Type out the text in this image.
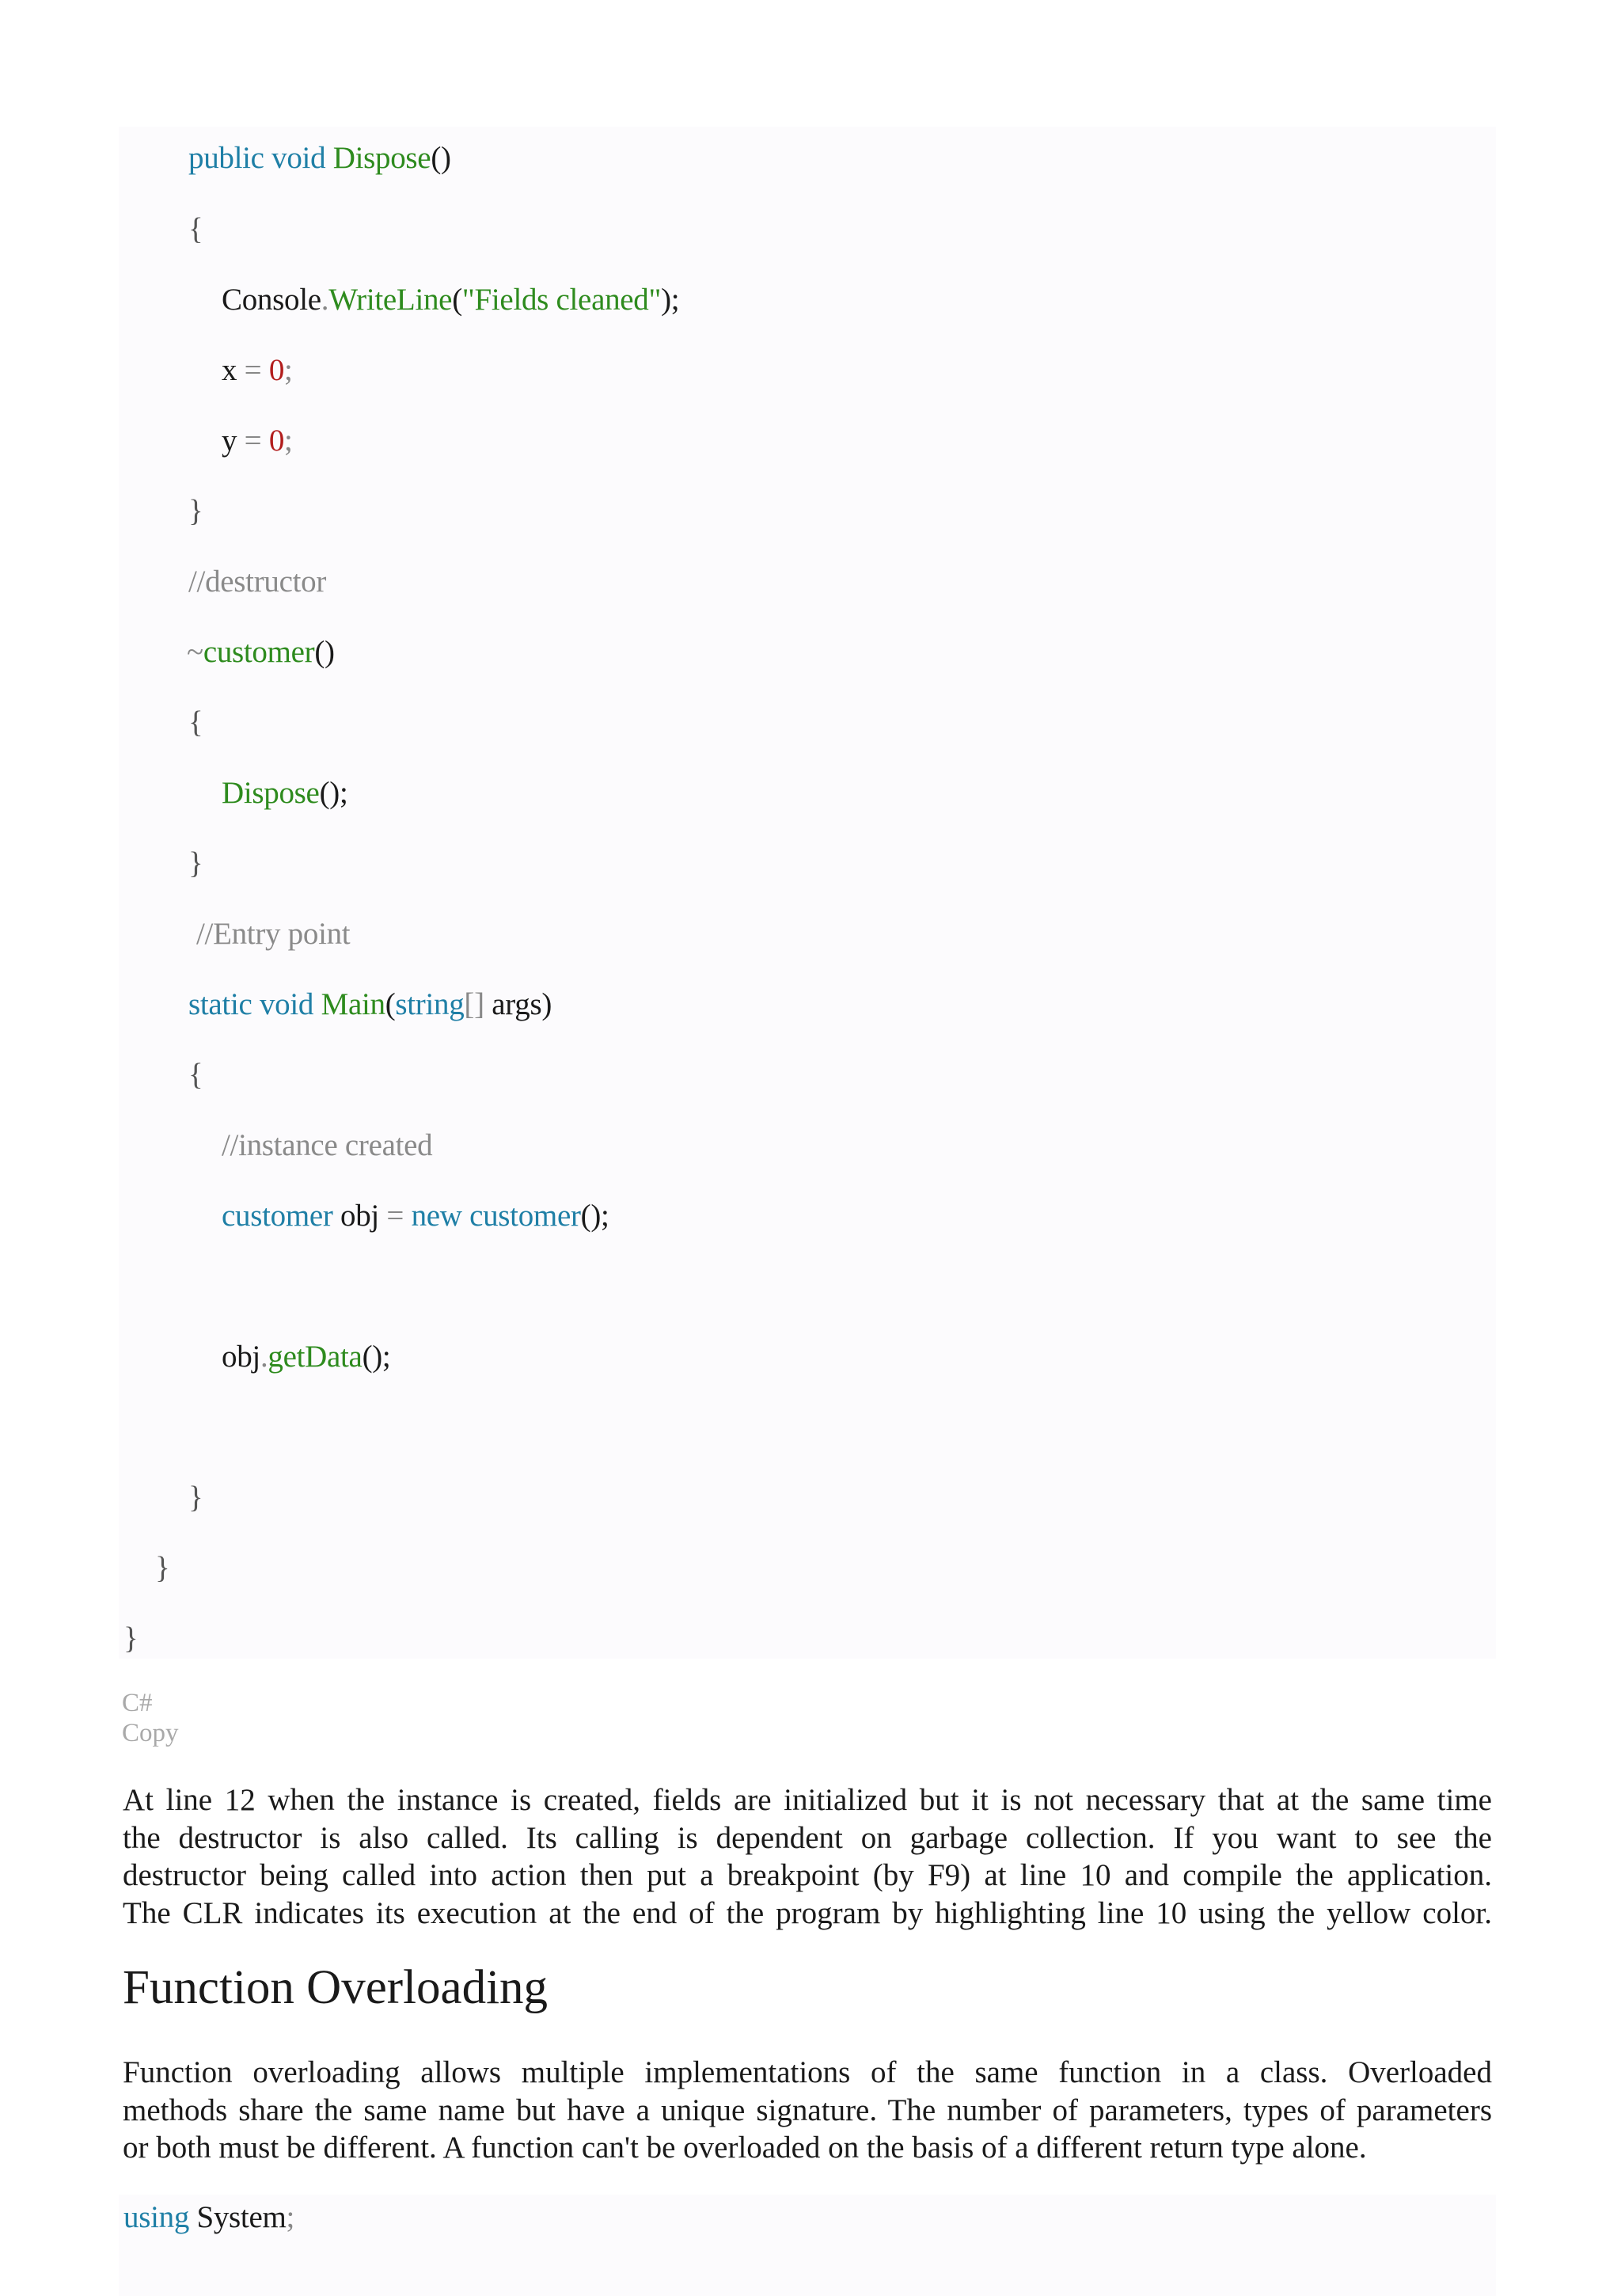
public void Dispose()
{
Console.WriteLine("Fields cleaned");
x = 0;
y = 0;
}
//destructor
~customer()
{
Dispose();
}
//Entry point
static void Main(string[] args)
{
//instance created
customer obj = new customer();
obj.getData();
}
}
}
C#
Copy
At line 12 when the instance is created, fields are initialized but it is not necessary that at the same time
the destructor is also called. Its calling is dependent on garbage collection. If you want to see the
destructor being called into action then put a breakpoint (by F9) at line 10 and compile the application.
The CLR indicates its execution at the end of the program by highlighting line 10 using the yellow color.
Function Overloading
Function overloading allows multiple implementations of the same function in a class. Overloaded
methods share the same name but have a unique signature. The number of parameters, types of parameters
or both must be different. A function can't be overloaded on the basis of a different return type alone.
using System;
